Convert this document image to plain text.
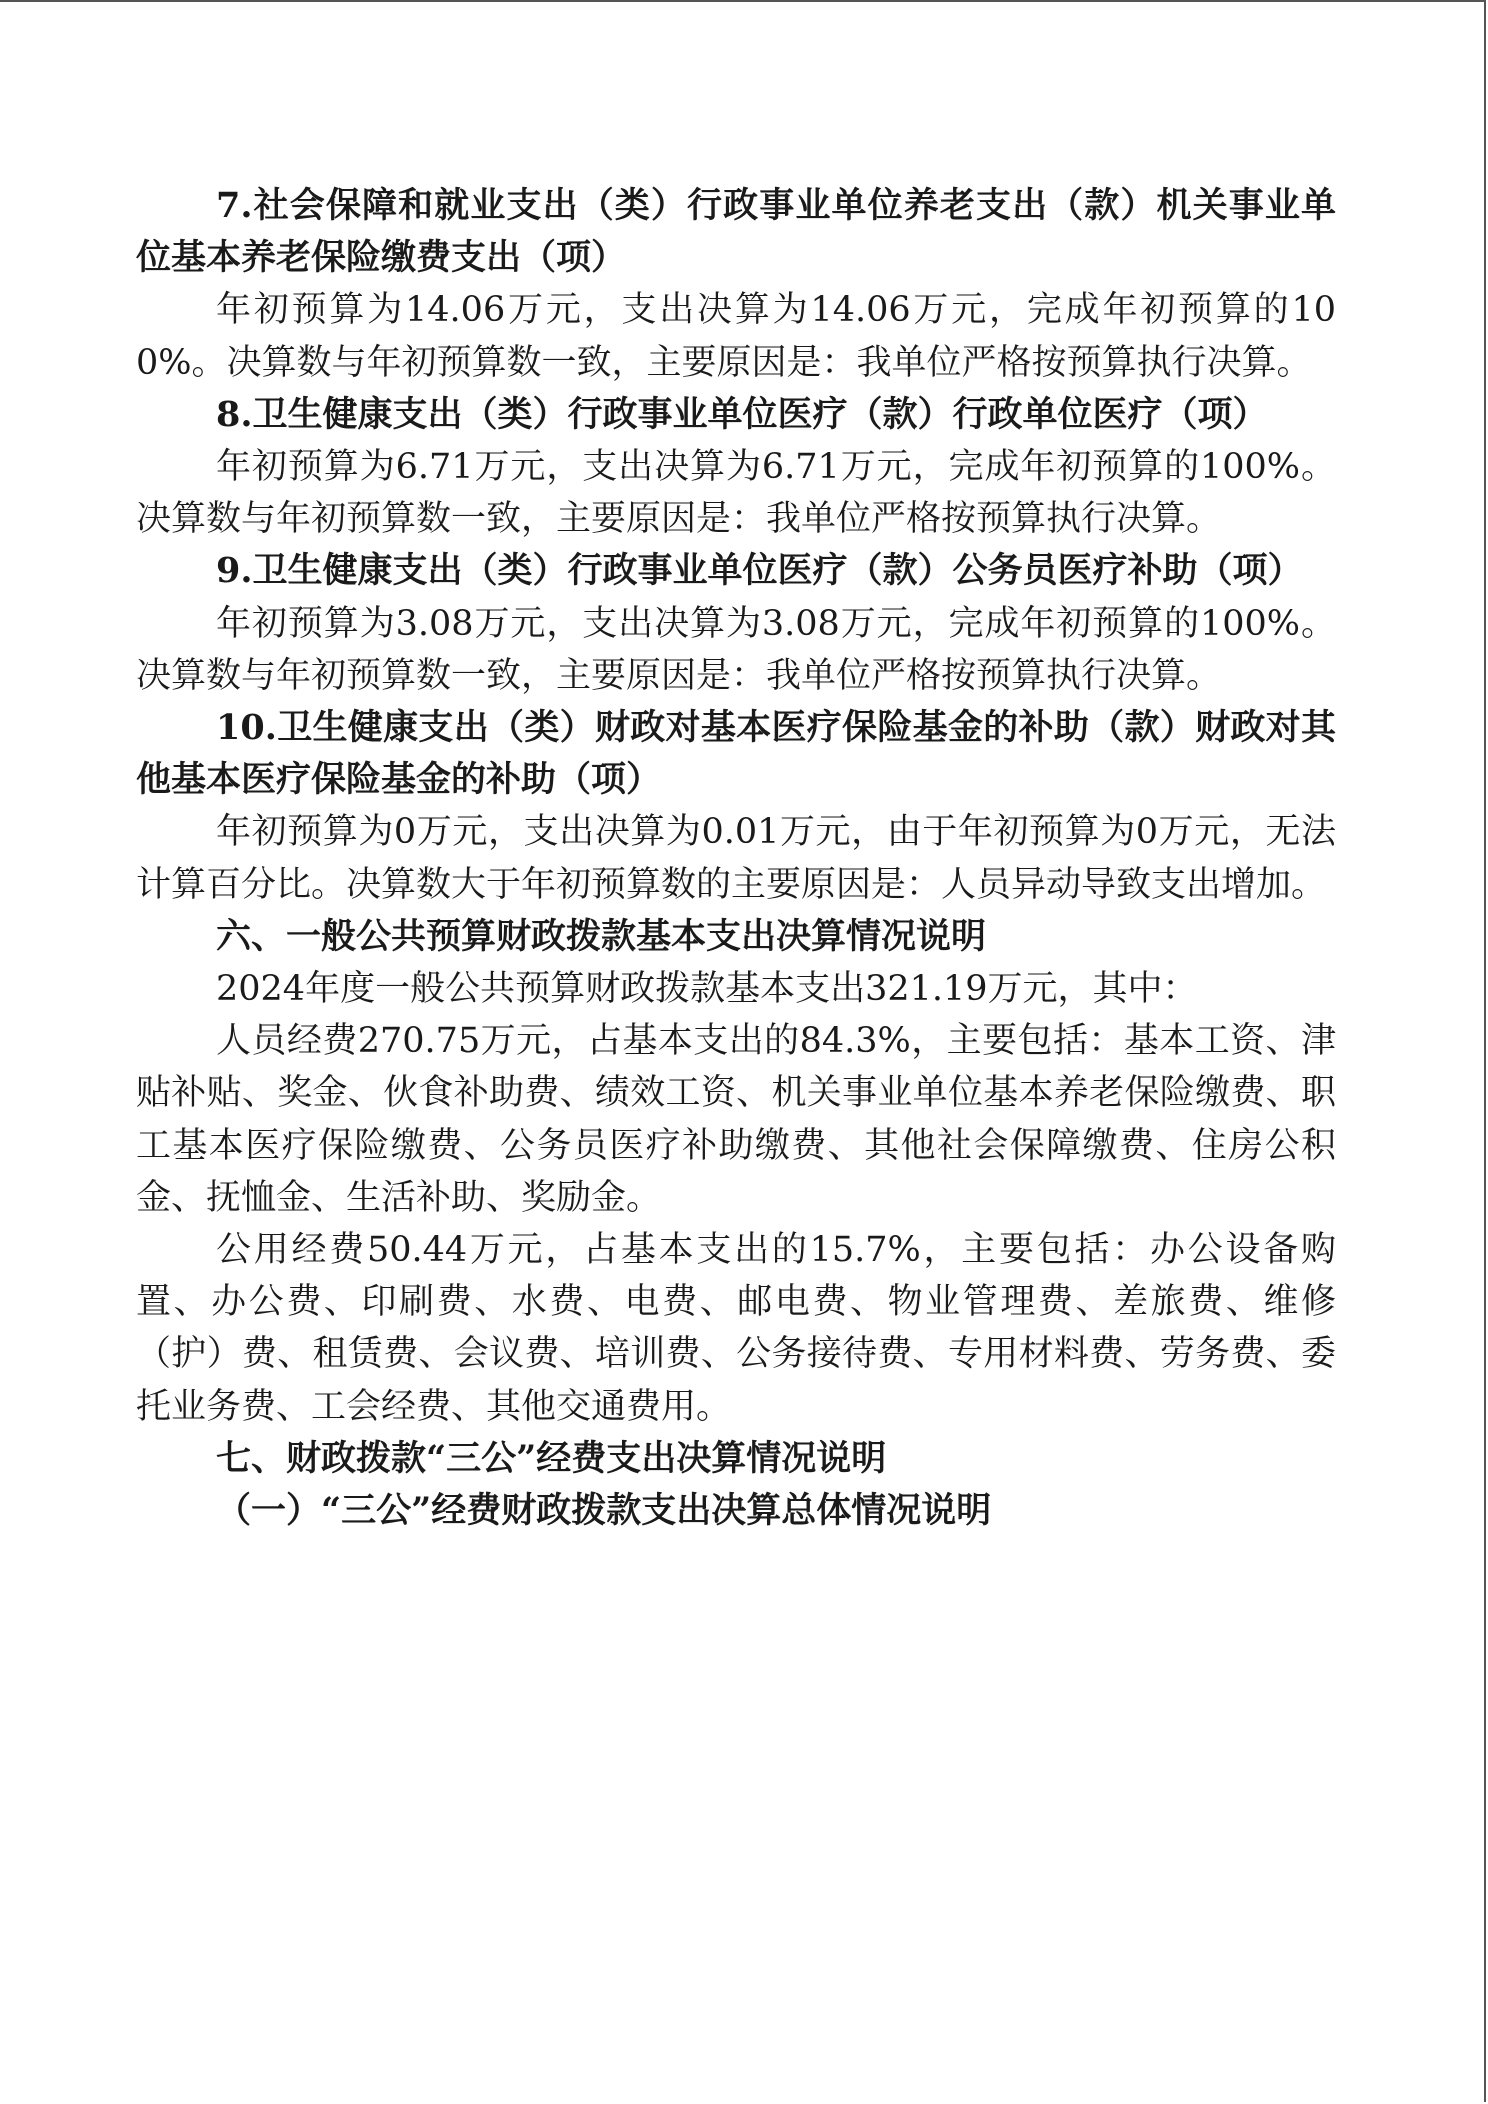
7.社会保障和就业支出（类）行政事业单位养老支出（款）机关事业单位基本养老保险缴费支出（项）

年初预算为14.06万元，支出决算为14.06万元，完成年初预算的100%。决算数与年初预算数一致，主要原因是：我单位严格按预算执行决算。

8.卫生健康支出（类）行政事业单位医疗（款）行政单位医疗（项）

年初预算为6.71万元，支出决算为6.71万元，完成年初预算的100%。决算数与年初预算数一致，主要原因是：我单位严格按预算执行决算。

9.卫生健康支出（类）行政事业单位医疗（款）公务员医疗补助（项）

年初预算为3.08万元，支出决算为3.08万元，完成年初预算的100%。决算数与年初预算数一致，主要原因是：我单位严格按预算执行决算。

10.卫生健康支出（类）财政对基本医疗保险基金的补助（款）财政对其他基本医疗保险基金的补助（项）

年初预算为0万元，支出决算为0.01万元，由于年初预算为0万元，无法计算百分比。决算数大于年初预算数的主要原因是：人员异动导致支出增加。

六、一般公共预算财政拨款基本支出决算情况说明

2024年度一般公共预算财政拨款基本支出321.19万元，其中：

人员经费270.75万元，占基本支出的84.3%，主要包括：基本工资、津贴补贴、奖金、伙食补助费、绩效工资、机关事业单位基本养老保险缴费、职工基本医疗保险缴费、公务员医疗补助缴费、其他社会保障缴费、住房公积金、抚恤金、生活补助、奖励金。

公用经费50.44万元，占基本支出的15.7%，主要包括：办公设备购置、办公费、印刷费、水费、电费、邮电费、物业管理费、差旅费、维修（护）费、租赁费、会议费、培训费、公务接待费、专用材料费、劳务费、委托业务费、工会经费、其他交通费用。

七、财政拨款“三公”经费支出决算情况说明

（一）“三公”经费财政拨款支出决算总体情况说明
